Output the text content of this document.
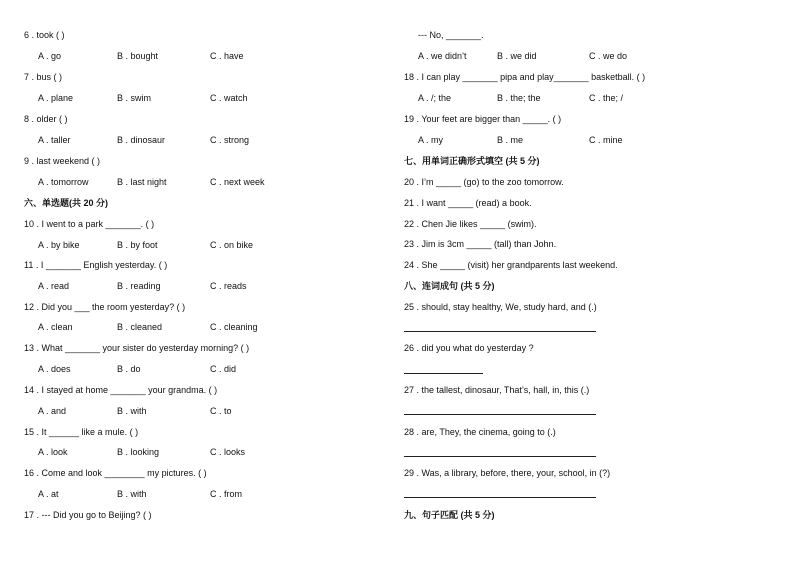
6 . took ( )
A . go	B . bought	C . have
7 . bus ( )
A . plane	B . swim	C . watch
8 . older ( )
A . taller	B . dinosaur	C . strong
9 . last weekend ( )
A . tomorrow	B . last night	C . next week
六、单选题(共 20 分)
10 . I went to a park _______. ( )
A . by bike	B . by foot	C . on bike
11 . I _______ English yesterday. ( )
A . read	B . reading	C . reads
12 . Did you ___ the room yesterday? ( )
A . clean	B . cleaned	C . cleaning
13 . What _______ your sister do yesterday morning? ( )
A . does	B . do	C . did
14 . I stayed at home _______ your grandma. ( )
A . and	B . with	C . to
15 . It ______ like a mule. ( )
A . look	B . looking	C . looks
16 . Come and look ________ my pictures. ( )
A . at	B . with	C . from
17 . --- Did you go to Beijing? ( )
--- No, _______.
A . we didn’t	B . we did	C . we do
18 . I can play _______ pipa and play_______ basketball. ( )
A . /; the	B . the; the	C . the; /
19 . Your feet are bigger than _____. ( )
A . my	B . me	C . mine
七、用单词正确形式填空 (共 5 分)
20 . I’m _____ (go) to the zoo tomorrow.
21 . I want _____ (read) a book.
22 . Chen Jie likes _____ (swim).
23 . Jim is 3cm _____ (tall) than John.
24 . She _____ (visit) her grandparents last weekend.
八、连词成句 (共 5 分)
25 . should, stay healthy, We, study hard, and (.)
26 . did you what do yesterday ?
27 . the tallest, dinosaur, That’s, hall, in, this (.)
28 . are, They, the cinema, going to (.)
29 . Was, a library, before, there, your, school, in (?)
九、句子匹配 (共 5 分)
